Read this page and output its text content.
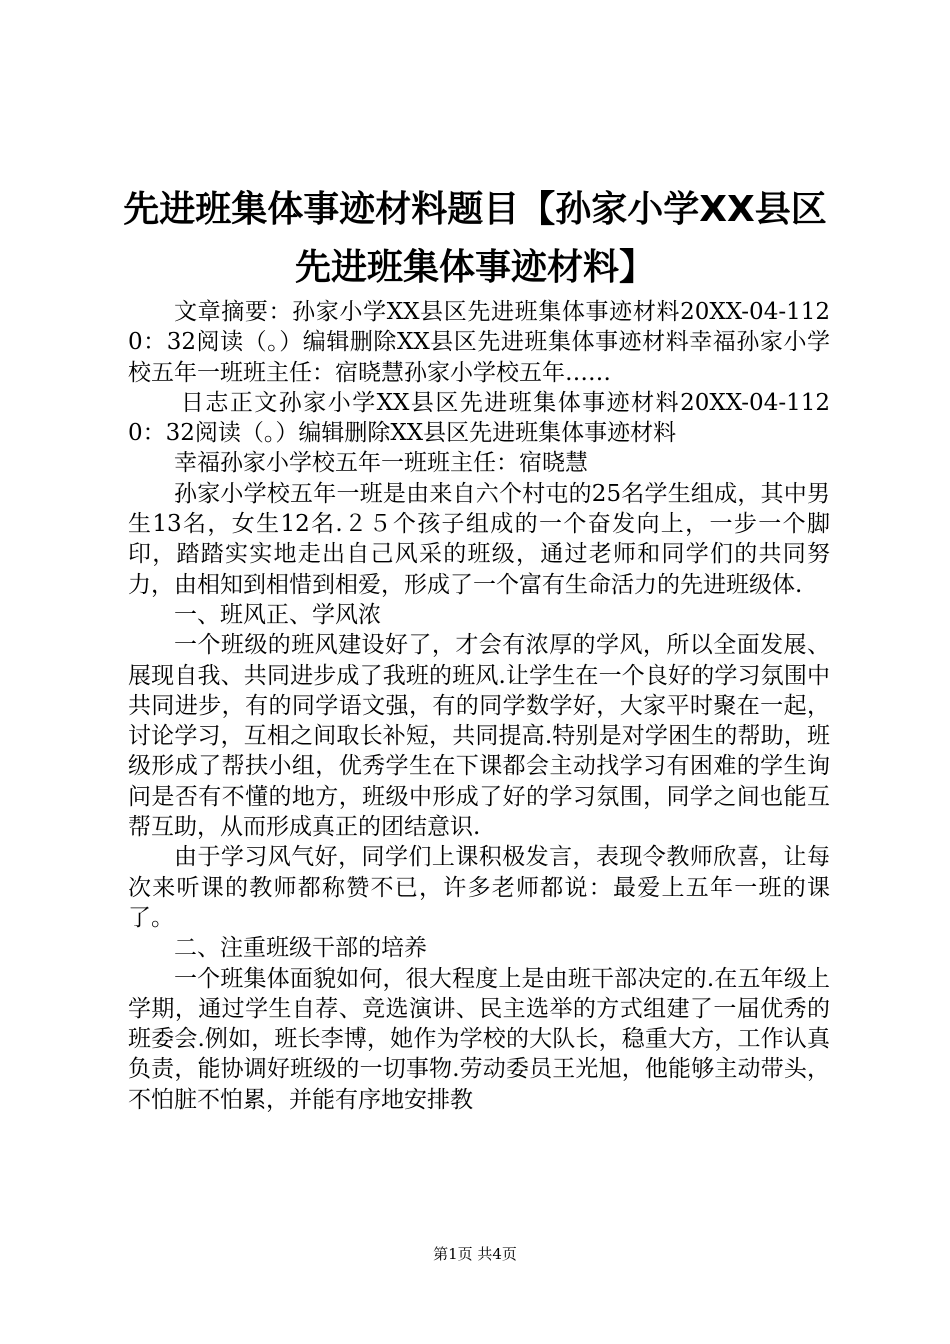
先进班集体事迹材料题目【孙家小学XX县区
先进班集体事迹材料】

文章摘要：孙家小学XX县区先进班集体事迹材料20XX-04-1120：32阅读（。）编辑删除XX县区先进班集体事迹材料幸福孙家小学校五年一班班主任：宿晓慧孙家小学校五年……

日志正文孙家小学XX县区先进班集体事迹材料20XX-04-1120：32阅读（。）编辑删除XX县区先进班集体事迹材料

幸福孙家小学校五年一班班主任：宿晓慧

孙家小学校五年一班是由来自六个村屯的25名学生组成，其中男生13名，女生12名.２５个孩子组成的一个奋发向上，一步一个脚印，踏踏实实地走出自己风采的班级，通过老师和同学们的共同努力，由相知到相惜到相爱，形成了一个富有生命活力的先进班级体.

一、班风正、学风浓

一个班级的班风建设好了，才会有浓厚的学风，所以全面发展、展现自我、共同进步成了我班的班风.让学生在一个良好的学习氛围中共同进步，有的同学语文强，有的同学数学好，大家平时聚在一起，讨论学习，互相之间取长补短，共同提高.特别是对学困生的帮助，班级形成了帮扶小组，优秀学生在下课都会主动找学习有困难的学生询问是否有不懂的地方，班级中形成了好的学习氛围，同学之间也能互帮互助，从而形成真正的团结意识.

由于学习风气好，同学们上课积极发言，表现令教师欣喜，让每次来听课的教师都称赞不已，许多老师都说：最爱上五年一班的课了。

二、注重班级干部的培养

一个班集体面貌如何，很大程度上是由班干部决定的.在五年级上学期，通过学生自荐、竞选演讲、民主选举的方式组建了一届优秀的班委会.例如，班长李博，她作为学校的大队长，稳重大方，工作认真负责，能协调好班级的一切事物.劳动委员王光旭，他能够主动带头，不怕脏不怕累，并能有序地安排教

第1页 共4页
